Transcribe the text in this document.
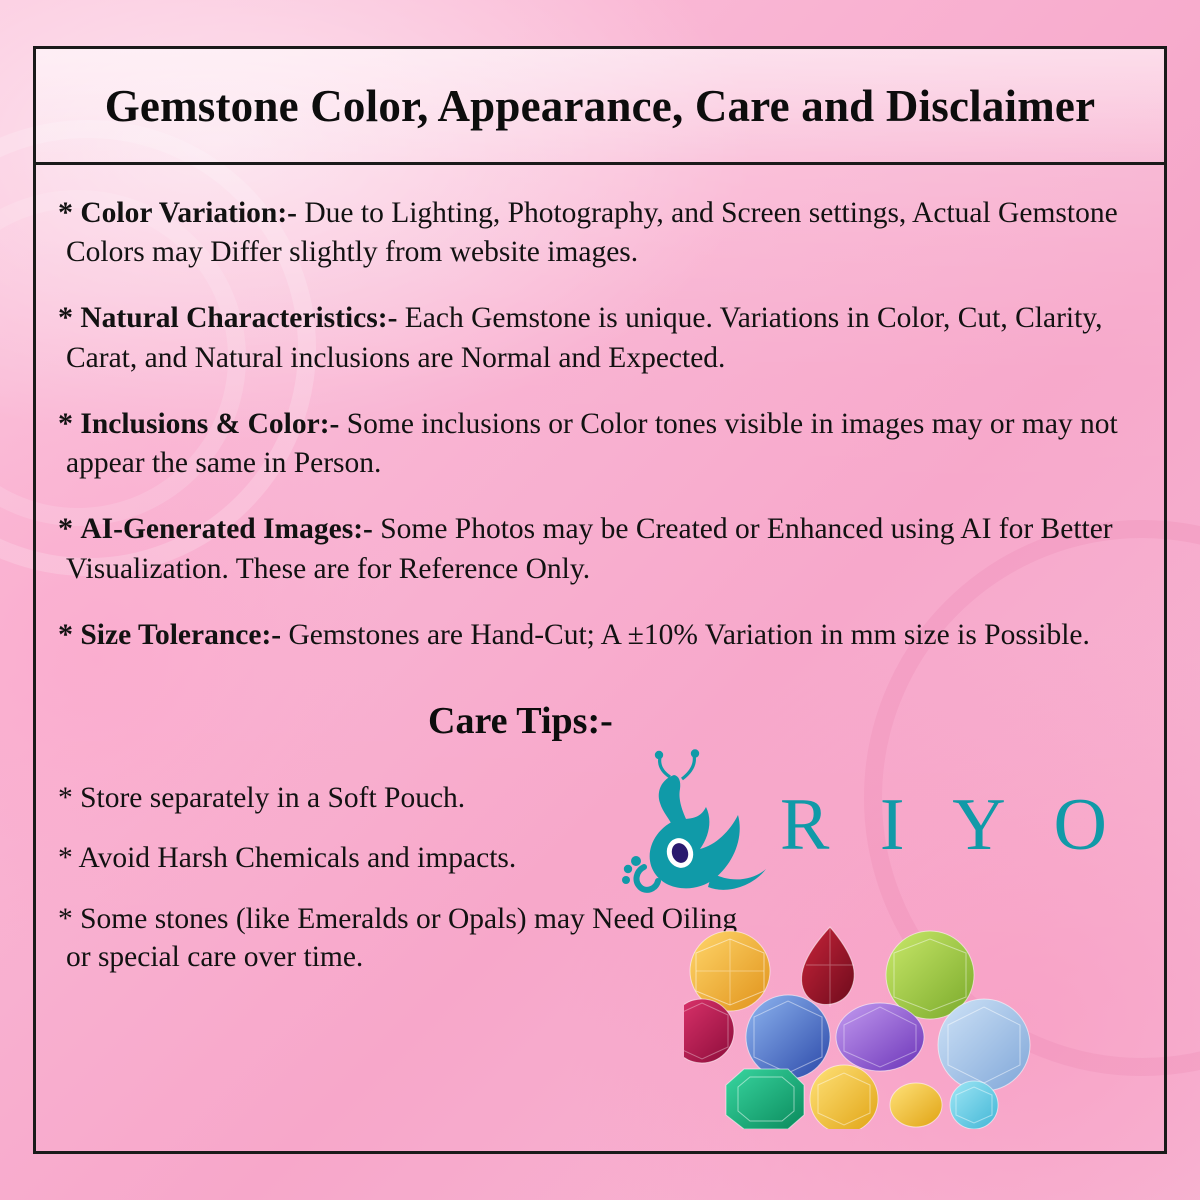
Gemstone Color, Appearance, Care and Disclaimer
* Color Variation:- Due to Lighting, Photography, and Screen settings, Actual Gemstone Colors may Differ slightly from website images.
* Natural Characteristics:- Each Gemstone is unique. Variations in Color, Cut, Clarity, Carat, and Natural inclusions are Normal and Expected.
* Inclusions & Color:- Some inclusions or Color tones visible in images may or may not appear the same in Person.
* AI-Generated Images:- Some Photos may be Created or Enhanced using AI for Better Visualization. These are for Reference Only.
* Size Tolerance:- Gemstones are Hand-Cut; A ±10% Variation in mm size is Possible.
Care Tips:-
* Store separately in a Soft Pouch.
* Avoid Harsh Chemicals and impacts.
* Some stones (like Emeralds or Opals) may Need Oiling or special care over time.
R I Y O
